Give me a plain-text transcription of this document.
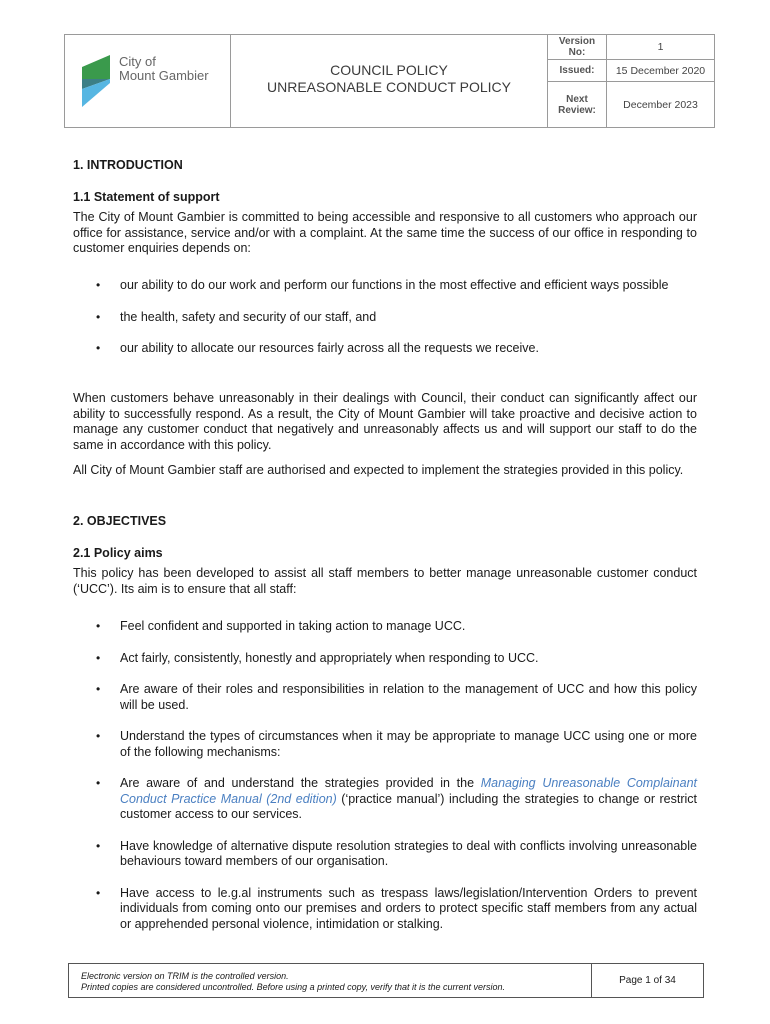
City of
Mount Gambier	COUNCIL POLICY
UNREASONABLE CONDUCT POLICY
Version
No:	1
Issued:	15 December 2020
Next
Review:	December 2023
1. INTRODUCTION
1.1 Statement of support

The City of Mount Gambier is committed to being accessible and responsive to all customers who approach our office for assistance, service and/or with a complaint. At the same time the success of our office in responding to customer enquiries depends on:

• our ability to do our work and perform our functions in the most effective and efficient ways possible
• the health, safety and security of our staff, and
• our ability to allocate our resources fairly across all the requests we receive.

When customers behave unreasonably in their dealings with Council, their conduct can significantly affect our ability to successfully respond. As a result, the City of Mount Gambier will take proactive and decisive action to manage any customer conduct that negatively and unreasonably affects us and will support our staff to do the same in accordance with this policy.

All City of Mount Gambier staff are authorised and expected to implement the strategies provided in this policy.

2. OBJECTIVES
2.1 Policy aims

This policy has been developed to assist all staff members to better manage unreasonable customer conduct (‘UCC’). Its aim is to ensure that all staff:

• Feel confident and supported in taking action to manage UCC.
• Act fairly, consistently, honestly and appropriately when responding to UCC.
• Are aware of their roles and responsibilities in relation to the management of UCC and how this policy will be used.
• Understand the types of circumstances when it may be appropriate to manage UCC using one or more of the following mechanisms:
• Are aware of and understand the strategies provided in the Managing Unreasonable Complainant Conduct Practice Manual (2nd edition) (‘practice manual’) including the strategies to change or restrict customer access to our services.
• Have knowledge of alternative dispute resolution strategies to deal with conflicts involving unreasonable behaviours toward members of our organisation.
• Have access to le.g.al instruments such as trespass laws/legislation/Intervention Orders to prevent individuals from coming onto our premises and orders to protect specific staff members from any actual or apprehended personal violence, intimidation or stalking.
Electronic version on TRIM is the controlled version.
Printed copies are considered uncontrolled. Before using a printed copy, verify that it is the current version.
Page 1 of 34
